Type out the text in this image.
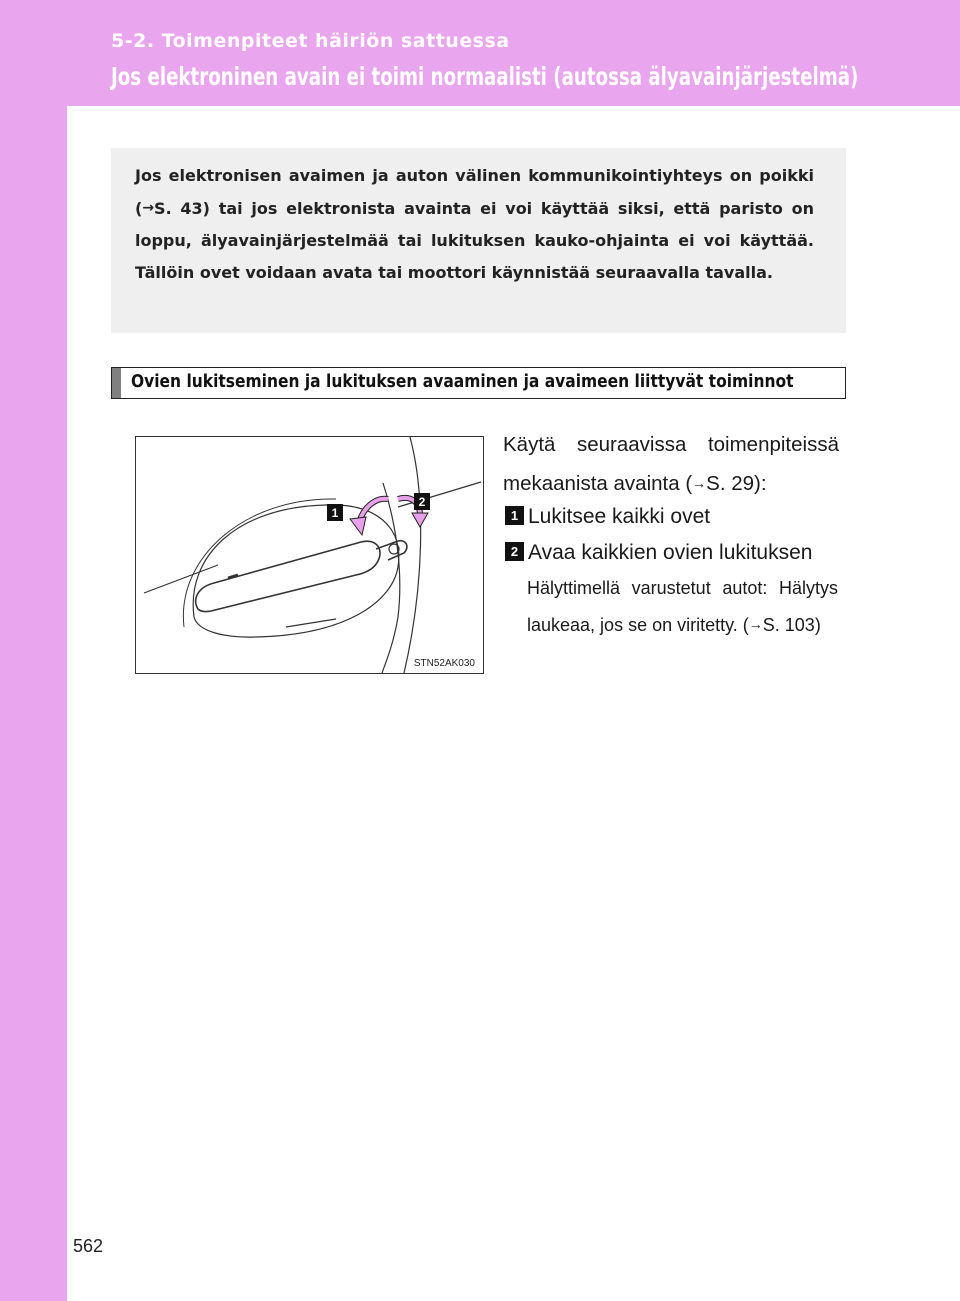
5-2. Toimenpiteet häiriön sattuessa
Jos elektroninen avain ei toimi normaalisti (autossa älyavainjärjestelmä)
Jos elektronisen avaimen ja auton välinen kommunikointiyhteys on poikki (→S. 43) tai jos elektronista avainta ei voi käyttää siksi, että paristo on loppu, älyavainjärjestelmää tai lukituksen kauko-ohjainta ei voi käyttää. Tällöin ovet voidaan avata tai moottori käynnistää seuraavalla tavalla.
Ovien lukitseminen ja lukituksen avaaminen ja avaimeen liittyvät toiminnot
1
2
STN52AK030
Käytä seuraavissa toimenpiteissä mekaanista avainta (→S. 29):
1 Lukitsee kaikki ovet
2 Avaa kaikkien ovien lukituksen
Hälyttimellä varustetut autot: Hälytys laukeaa, jos se on viritetty. (→S. 103)
562
